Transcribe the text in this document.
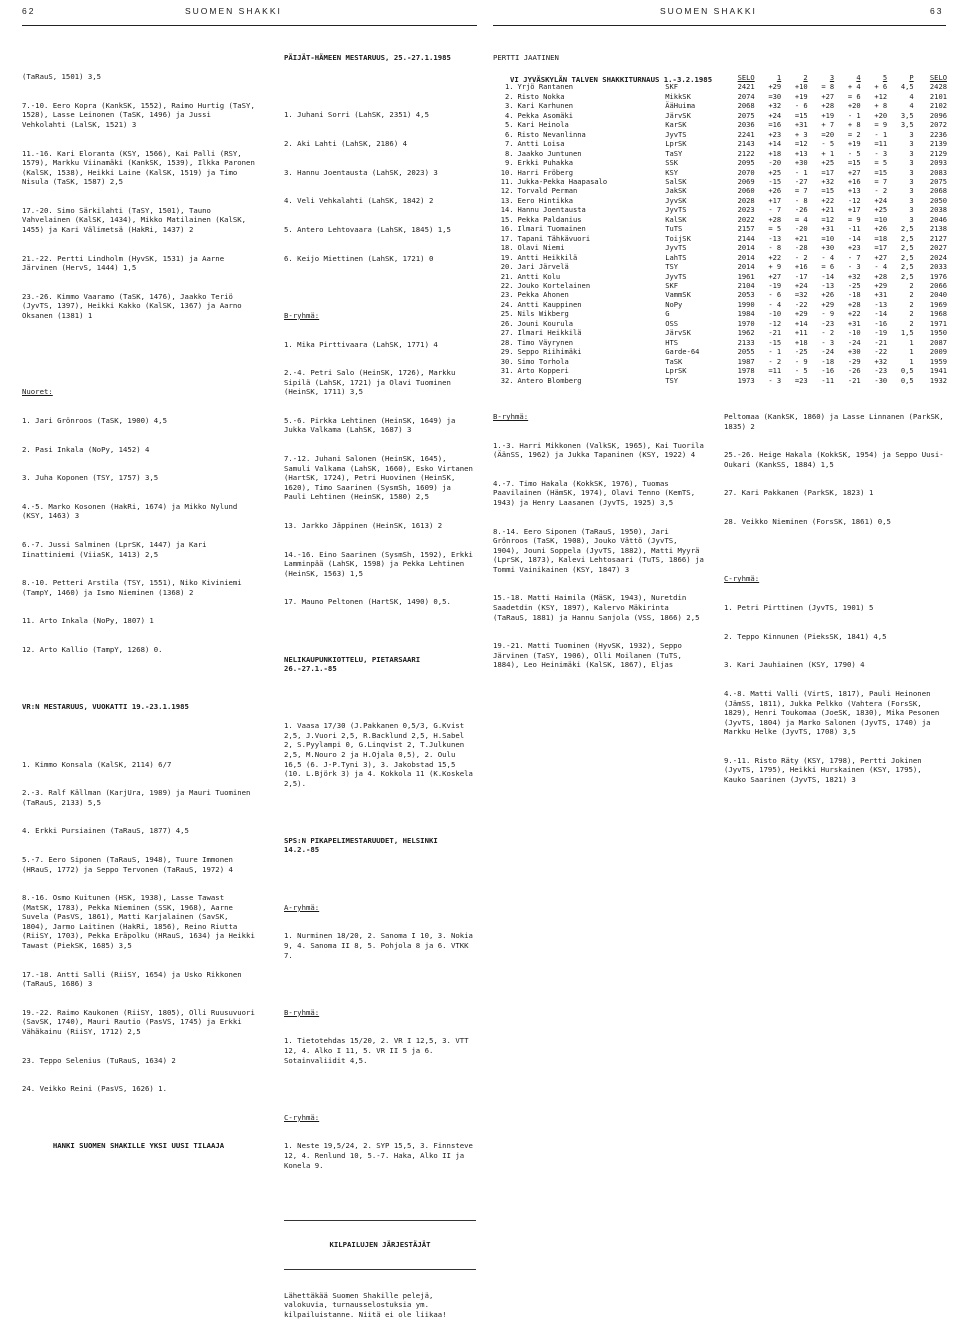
62	SUOMEN SHAKKI	SUOMEN SHAKKI	63

(TaRauS, 1501) 3,5

7.-10. Eero Kopra (KankSK, 1552), Raimo Hurtig (TaSY, 1528), Lasse Leinonen (TaSK, 1496) ja Jussi Vehkolahti (LalSK, 1521) 3

11.-16. Kari Eloranta (KSY, 1566), Kai Palli (RSY, 1579), Markku Viinamäki (KankSK, 1539), Ilkka Paronen (KalSK, 1538), Heikki Laine (KalSK, 1519) ja Timo Nisula (TaSK, 1587) 2,5

17.-20. Simo Särkilahti (TaSY, 1501), Tauno Vahvelainen (KalSK, 1434), Mikko Matilainen (KalSK, 1455) ja Kari Välimetsä (HakRi, 1437) 2

21.-22. Pertti Lindholm (HyvSK, 1531) ja Aarne Järvinen (HervS, 1444) 1,5

23.-26. Kimmo Vaaramo (TaSK, 1476), Jaakko Teriö (JyvTS, 1397), Heikki Kakko (KalSK, 1367) ja Aarno Oksanen (1381) 1

Nuoret:

1. Jari Grönroos (TaSK, 1900) 4,5

2. Pasi Inkala (NoPy, 1452) 4

3. Juha Koponen (TSY, 1757) 3,5

4.-5. Marko Kosonen (HakRi, 1674) ja Mikko Nylund (KSY, 1463) 3

6.-7. Jussi Salminen (LprSK, 1447) ja Kari Iinattiniemi (ViiaSK, 1413) 2,5

8.-10. Petteri Arstila (TSY, 1551), Niko Kiviniemi (TampY, 1460) ja Ismo Nieminen (1368) 2

11. Arto Inkala (NoPy, 1807) 1

12. Arto Kallio (TampY, 1268) 0.

VR:N MESTARUUS, VUOKATTI 19.-23.1.1985

1. Kimmo Konsala (KalSK, 2114) 6/7

2.-3. Ralf Källman (KarjUra, 1989) ja Mauri Tuominen (TaRauS, 2133) 5,5

4. Erkki Pursiainen (TaRauS, 1877) 4,5

5.-7. Eero Siponen (TaRauS, 1948), Tuure Immonen (HRauS, 1772) ja Seppo Tervonen (TaRauS, 1972) 4

8.-16. Osmo Kuitunen (HSK, 1938), Lasse Tawast (MatSK, 1783), Pekka Nieminen (SSK, 1968), Aarne Suvela (PasVS, 1861), Matti Karjalainen (SavSK, 1804), Jarmo Laitinen (HakRi, 1856), Reino Riutta (RiiSY, 1703), Pekka Eräpolku (HRauS, 1634) ja Heikki Tawast (PiekSK, 1685) 3,5

17.-18. Antti Salli (RiiSY, 1654) ja Usko Rikkonen (TaRauS, 1686) 3

19.-22. Raimo Kaukonen (RiiSY, 1805), Olli Ruusuvuori (SavSK, 1740), Mauri Rautio (PasVS, 1745) ja Erkki Vähäkainu (RiiSY, 1712) 2,5

23. Teppo Selenius (TuRauS, 1634) 2

24. Veikko Reini (PasVS, 1626) 1.

HANKI SUOMEN SHAKILLE YKSI UUSI TILAAJA

PÄIJÄT-HÄMEEN MESTARUUS, 25.-27.1.1985

1. Juhani Sorri (LahSK, 2351) 4,5

2. Aki Lahti (LahSK, 2186) 4

3. Hannu Joentausta (LahSK, 2023) 3

4. Veli Vehkalahti (LahSK, 1842) 2

5. Antero Lehtovaara (LahSK, 1845) 1,5

6. Keijo Miettinen (LahSK, 1721) 0

B-ryhmä:

1. Mika Pirttivaara (LahSK, 1771) 4

2.-4. Petri Salo (HeinSK, 1726), Markku Sipilä (LahSK, 1721) ja Olavi Tuominen (HeinSK, 1711) 3,5

5.-6. Pirkka Lehtinen (HeinSK, 1649) ja Jukka Valkama (LahSK, 1687) 3

7.-12. Juhani Salonen (HeinSK, 1645), Samuli Valkama (LahSK, 1660), Esko Virtanen (HartSK, 1724), Petri Huovinen (HeinSK, 1620), Timo Saarinen (SysmSh, 1609) ja Pauli Lehtinen (HeinSK, 1580) 2,5

13. Jarkko Jäppinen (HeinSK, 1613) 2

14.-16. Eino Saarinen (SysmSh, 1592), Erkki Lamminpää (LahSK, 1598) ja Pekka Lehtinen (HeinSK, 1563) 1,5

17. Mauno Peltonen (HartSK, 1490) 0,5.

NELIKAUPUNKIOTTELU, PIETARSAARI 26.-27.1.-85

1. Vaasa 17/30 (J.Pakkanen 0,5/3, G.Kvist 2,5, J.Vuori 2,5, R.Backlund 2,5, H.Sabel 2, S.Pyylampi 0, G.Linqvist 2, T.Julkunen 2,5, M.Nouro 2 ja H.Ojala 0,5), 2. Oulu 16,5 (6. J-P.Tyni 3), 3. Jakobstad 15,5 (10. L.Björk 3) ja 4. Kokkola 11 (K.Koskela 2,5).

SPS:N PIKAPELIMESTARUUDET, HELSINKI 14.2.-85

A-ryhmä:

1. Nurminen 18/20, 2. Sanoma I 10, 3. Nokia 9, 4. Sanoma II 8, 5. Pohjola 8 ja 6. VTKK 7.

B-ryhmä:

1. Tietotehdas 15/20, 2. VR I 12,5, 3. VTT 12, 4. Alko I 11, 5. VR II 5 ja 6. Sotainvaliidit 4,5.

C-ryhmä:

1. Neste 19,5/24, 2. SYP 15,5, 3. Finnsteve 12, 4. Renlund 10, 5.-7. Haka, Alko II ja Konela 9.

KILPAILUJEN JÄRJESTÄJÄT

Lähettäkää Suomen Shakille pelejä, valokuvia, turnausselostuksia ym. kilpailuistanne. Niitä ei ole liikaa!

PERTTI JAATINEN

VI JYVÄSKYLÄN TALVEN SHAKKITURNAUS 1.-3.2.1985

				SELO	1	2	3	4	5	P	SELO
1.	Yrjö Rantanen	SKF	2421	+29	+10	= 8	+ 4	+ 6	4,5	2428
2.	Risto Nokka	MikkSK	2074	=30	+19	+27	= 6	+12	4	2101
3.	Kari Karhunen	ÄäHuima	2068	+32	- 6	+28	+20	+ 8	4	2102
4.	Pekka Asomäki	JärvSK	2075	+24	=15	+19	- 1	+20	3,5	2096
5.	Kari Heinola	KarSK	2036	=16	+31	+ 7	+ 8	= 9	3,5	2072
6.	Risto Nevanlinna	JyvTS	2241	+23	+ 3	=20	= 2	- 1	3	2236
7.	Antti Loisa	LprSK	2143	+14	=12	- 5	+19	=11	3	2139
8.	Jaakko Juntunen	TaSY	2122	+18	+13	+ 1	- 5	- 3	3	2129
9.	Erkki Puhakka	SSK	2095	-20	+30	+25	=15	= 5	3	2093
10.	Harri Fröberg	KSY	2070	+25	- 1	=17	+27	=15	3	2083
11.	Jukka-Pekka Haapasalo	SalSK	2069	-15	-27	+32	+16	= 7	3	2075
12.	Torvald Perman	JakSK	2060	+26	= 7	=15	+13	- 2	3	2068
13.	Eero Hintikka	JyvSK	2028	+17	- 8	+22	-12	+24	3	2050
14.	Hannu Joentausta	JyvTS	2023	- 7	-26	+21	+17	+25	3	2038
15.	Pekka Paldanius	KalSK	2022	+28	= 4	=12	= 9	=10	3	2046
16.	Ilmari Tuomainen	TuTS	2157	= 5	-20	+31	-11	+26	2,5	2138
17.	Tapani Tähkävuori	ToijSK	2144	-13	+21	=10	-14	=18	2,5	2127
18.	Olavi Niemi	JyvTS	2014	- 8	-28	+30	+23	=17	2,5	2027
19.	Antti Heikkilä	LahTS	2014	+22	- 2	- 4	- 7	+27	2,5	2024
20.	Jari Järvelä	TSY	2014	+ 9	+16	= 6	- 3	- 4	2,5	2033
21.	Antti Kolu	JyvTS	1961	+27	-17	-14	+32	+28	2,5	1976
22.	Jouko Kortelainen	SKF	2104	-19	+24	-13	-25	+29	2	2066
23.	Pekka Ahonen	VammSK	2053	- 6	=32	+26	-18	+31	2	2040
24.	Antti Kauppinen	NoPy	1990	- 4	-22	+29	+28	-13	2	1969
25.	Nils Wikberg	G	1984	-10	+29	- 9	+22	-14	2	1968
26.	Jouni Kourula	OSS	1970	-12	+14	-23	+31	-16	2	1971
27.	Ilmari Heikkilä	JärvSK	1962	-21	+11	- 2	-10	-19	1,5	1950
28.	Timo Väyrynen	HTS	2133	-15	+18	- 3	-24	-21	1	2087
29.	Seppo Riihimäki	Garde-64	2055	- 1	-25	-24	+30	-22	1	2009
30.	Simo Torhola	TaSK	1987	- 2	- 9	-18	-29	+32	1	1959
31.	Arto Kopperi	LprSK	1978	=11	- 5	-16	-26	-23	0,5	1941
32.	Antero Blomberg	TSY	1973	- 3	=23	-11	-21	-30	0,5	1932

B-ryhmä:

1.-3. Harri Mikkonen (ValkSK, 1965), Kai Tuorila (ÄänSS, 1962) ja Jukka Tapaninen (KSY, 1922) 4

4.-7. Timo Hakala (KokkSK, 1976), Tuomas Paavilainen (HämSK, 1974), Olavi Tenno (KemTS, 1943) ja Henry Laasanen (JyvTS, 1925) 3,5

8.-14. Eero Siponen (TaRauS, 1950), Jari Grönroos (TaSK, 1908), Jouko Vättö (JyvTS, 1904), Jouni Soppela (JyvTS, 1882), Matti Myyrä (LprSK, 1873), Kalevi Lehtosaari (TuTS, 1866) ja Tommi Vainikainen (KSY, 1847) 3

15.-18. Matti Haimila (MäSK, 1943), Nuretdin Saadetdin (KSY, 1897), Kalervo Mäkirinta (TaRauS, 1881) ja Hannu Sanjola (VSS, 1866) 2,5

19.-21. Matti Tuominen (HyvSK, 1932), Seppo Järvinen (TaSY, 1906), Olli Moilanen (TuTS, 1884), Leo Heinimäki (KalSK, 1867), Eljas

Peltomaa (KankSK, 1860) ja Lasse Linnanen (ParkSK, 1835) 2

25.-26. Heige Hakala (KokkSK, 1954) ja Seppo Uusi-Oukari (KankSS, 1884) 1,5

27. Kari Pakkanen (ParkSK, 1823) 1

28. Veikko Nieminen (ForsSK, 1861) 0,5

C-ryhmä:

1. Petri Pirttinen (JyvTS, 1901) 5

2. Teppo Kinnunen (PieksSK, 1841) 4,5

3. Kari Jauhiainen (KSY, 1790) 4

4.-8. Matti Valli (VirtS, 1817), Pauli Heinonen (JämSS, 1811), Jukka Pelkko (Vahtera (ForsSK, 1829), Henri Toukomaa (JoeSK, 1830), Mika Pesonen (JyvTS, 1804) ja Marko Salonen (JyvTS, 1740) ja Markku Helke (JyvTS, 1708) 3,5

9.-11. Risto Räty (KSY, 1798), Pertti Jokinen (JyvTS, 1795), Heikki Hurskainen (KSY, 1795), Kauko Saarinen (JyvTS, 1821) 3
